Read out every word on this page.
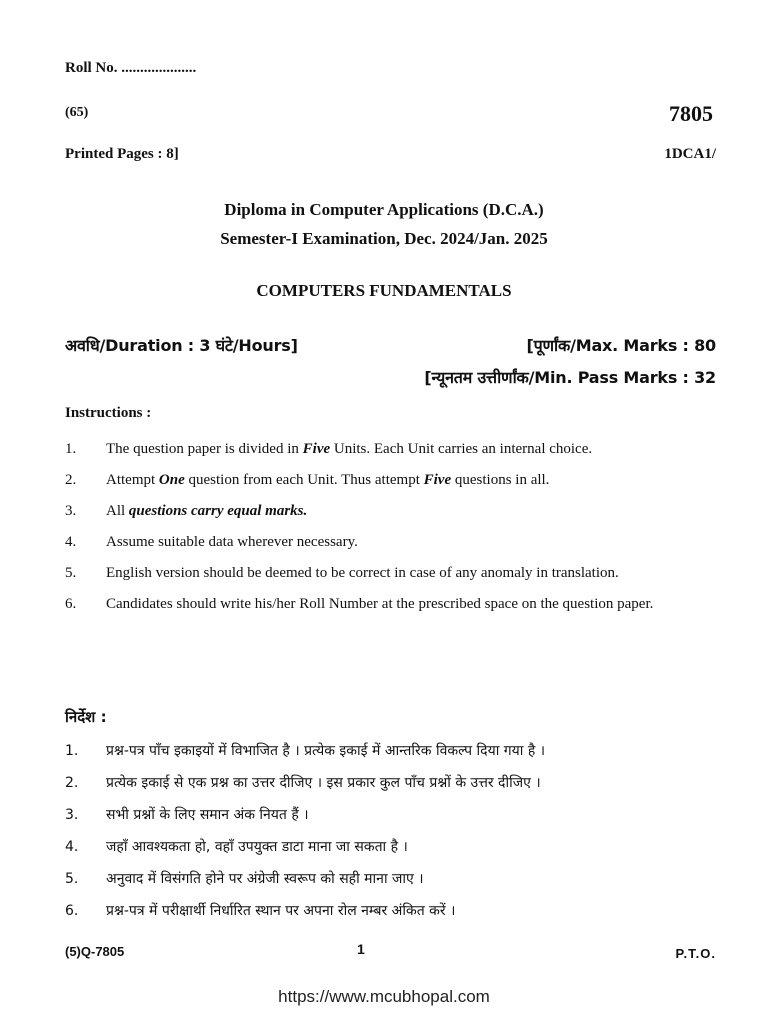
Roll No. ....................
(65)	7805
Printed Pages : 8]	1DCA1/
Diploma in Computer Applications (D.C.A.)
Semester-I Examination, Dec. 2024/Jan. 2025
COMPUTERS FUNDAMENTALS
अवधि/Duration : 3 घंटे/Hours]	[पूर्णांक/Max. Marks : 80
[न्यूनतम उत्तीर्णांक/Min. Pass Marks : 32
Instructions :
1. The question paper is divided in Five Units. Each Unit carries an internal choice.
2. Attempt One question from each Unit. Thus attempt Five questions in all.
3. All questions carry equal marks.
4. Assume suitable data wherever necessary.
5. English version should be deemed to be correct in case of any anomaly in translation.
6. Candidates should write his/her Roll Number at the prescribed space on the question paper.
निर्देश :
1. प्रश्न-पत्र पाँच इकाइयों में विभाजित है । प्रत्येक इकाई में आन्तरिक विकल्प दिया गया है ।
2. प्रत्येक इकाई से एक प्रश्न का उत्तर दीजिए । इस प्रकार कुल पाँच प्रश्नों के उत्तर दीजिए ।
3. सभी प्रश्नों के लिए समान अंक नियत हैं ।
4. जहाँ आवश्यकता हो, वहाँ उपयुक्त डाटा माना जा सकता है ।
5. अनुवाद में विसंगति होने पर अंग्रेजी स्वरूप को सही माना जाए ।
6. प्रश्न-पत्र में परीक्षार्थी निर्धारित स्थान पर अपना रोल नम्बर अंकित करें ।
(5)Q-7805	1	P.T.O.
https://www.mcubhopal.com
